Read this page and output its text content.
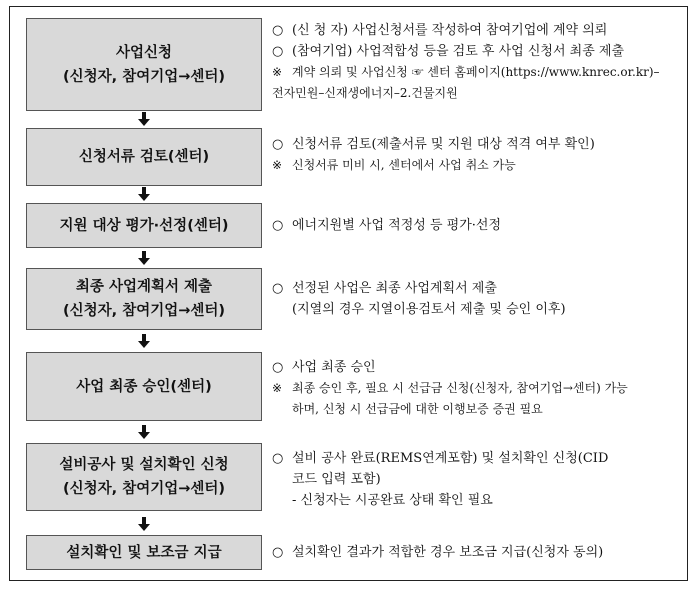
사업신청
(신청자, 참여기업→센터)
신청서류 검토(센터)
지원 대상 평가·선정(센터)
최종 사업계획서 제출
(신청자, 참여기업→센터)
사업 최종 승인(센터)
설비공사 및 설치확인 신청
(신청자, 참여기업→센터)
설치확인 및 보조금 지급
○ (신 청 자) 사업신청서를 작성하여 참여기업에 계약 의뢰
○ (참여기업) 사업적합성 등을 검토 후 사업 신청서 최종 제출
※ 계약 의뢰 및 사업신청 ☞ 센터 홈페이지(https://www.knrec.or.kr)–
전자민원–신재생에너지–2.건물지원
○ 신청서류 검토(제출서류 및 지원 대상 적격 여부 확인)
※ 신청서류 미비 시, 센터에서 사업 취소 가능
○ 에너지원별 사업 적정성 등 평가·선정
○ 선정된 사업은 최종 사업계획서 제출
(지열의 경우 지열이용검토서 제출 및 승인 이후)
○ 사업 최종 승인
※ 최종 승인 후, 필요 시 선급금 신청(신청자, 참여기업→센터) 가능
하며, 신청 시 선급금에 대한 이행보증 증권 필요
○ 설비 공사 완료(REMS연계포함) 및 설치확인 신청(CID
코드 입력 포함)
- 신청자는 시공완료 상태 확인 필요
○ 설치확인 결과가 적합한 경우 보조금 지급(신청자 동의)
